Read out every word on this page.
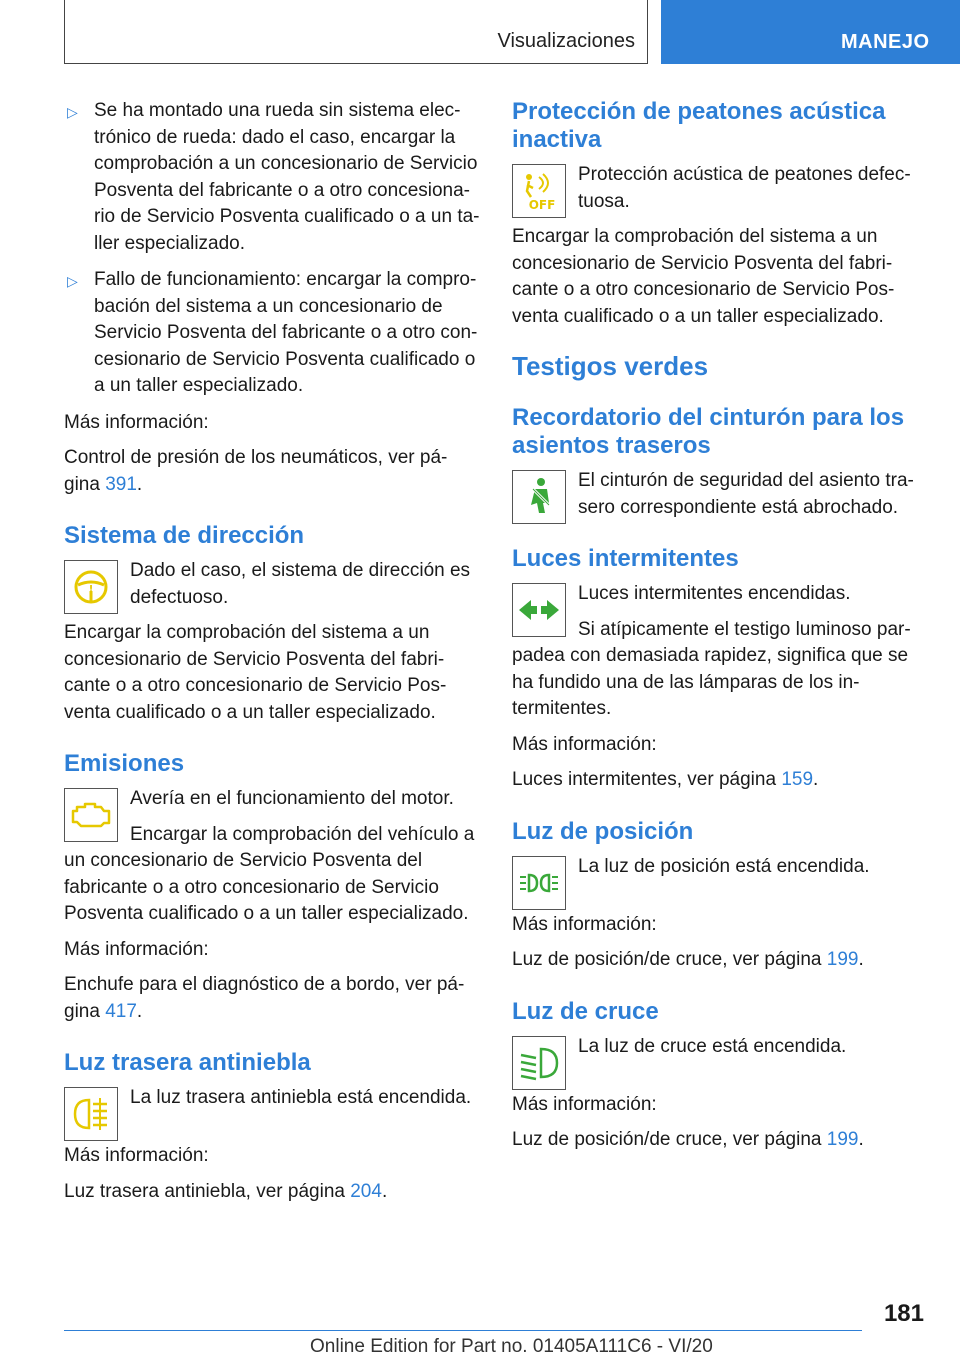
Visualizaciones	MANEJO
▷ Se ha montado una rueda sin sistema elec-trónico de rueda: dado el caso, encargar la comprobación a un concesionario de Servicio Posventa del fabricante o a otro concesiona-rio de Servicio Posventa cualificado o a un ta-ller especializado.
▷ Fallo de funcionamiento: encargar la compro-bación del sistema a un concesionario de Servicio Posventa del fabricante o a otro con-cesionario de Servicio Posventa cualificado o a un taller especializado.

Más información:

Control de presión de los neumáticos, ver pá-gina 391.

Sistema de dirección
!

Dado el caso, el sistema de dirección es defectuoso.

Encargar la comprobación del sistema a un concesionario de Servicio Posventa del fabri-cante o a otro concesionario de Servicio Pos-venta cualificado o a un taller especializado.

Emisiones

Avería en el funcionamiento del motor.

Encargar la comprobación del vehículo a un concesionario de Servicio Posventa del fabricante o a otro concesionario de Servicio Posventa cualificado o a un taller especializado.

Más información:

Enchufe para el diagnóstico de a bordo, ver pá-gina 417.

Luz trasera antiniebla

La luz trasera antiniebla está encendida.

Más información:

Luz trasera antiniebla, ver página 204.

Protección de peatones acústica inactiva
OFF

Protección acústica de peatones defec-tuosa.

Encargar la comprobación del sistema a un concesionario de Servicio Posventa del fabri-cante o a otro concesionario de Servicio Pos-venta cualificado o a un taller especializado.

Testigos verdes
Recordatorio del cinturón para los asientos traseros

El cinturón de seguridad del asiento tra-sero correspondiente está abrochado.

Luces intermitentes

Luces intermitentes encendidas.

Si atípicamente el testigo luminoso par-padea con demasiada rapidez, significa que se ha fundido una de las lámparas de los in-termitentes.

Más información:

Luces intermitentes, ver página 159.

Luz de posición

La luz de posición está encendida.

Más información:

Luz de posición/de cruce, ver página 199.

Luz de cruce

La luz de cruce está encendida.

Más información:

Luz de posición/de cruce, ver página 199.

181
Online Edition for Part no. 01405A111C6 - VI/20
